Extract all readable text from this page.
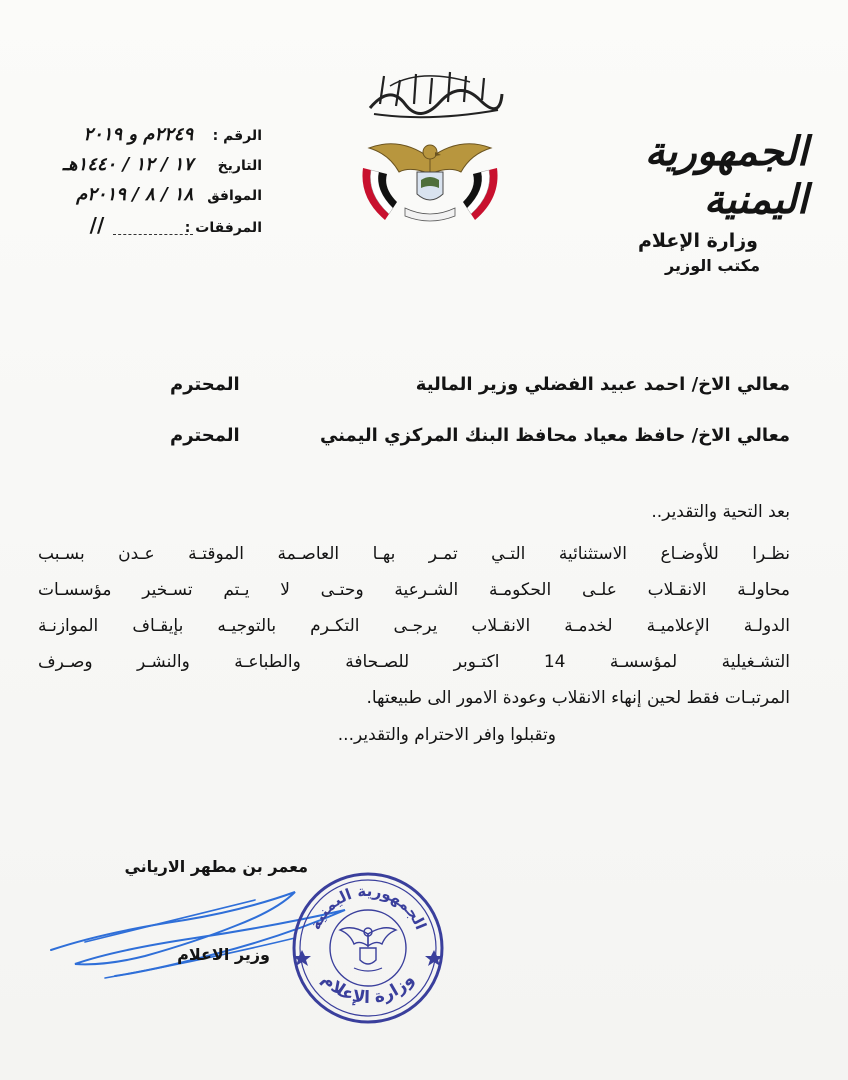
الجمهورية اليمنية
وزارة الإعلام
مكتب الوزير
الرقم : ٢٢٤٩م و ٢٠١٩
التاريخ ١٧ / ١٢ / ١٤٤٠هـ
الموافق ١٨ / ٨ / ٢٠١٩م
المرفقات :  //
معالي الاخ/ احمد عبيد الفضلي وزير المالية
المحترم
معالي الاخ/ حافظ معياد محافظ البنك المركزي اليمني
المحترم
بعد التحية والتقدير..
نظـرا للأوضـاع الاستثنائية التـي تمـر بهـا العاصـمة الموقتـة عـدن بسـبب
محاولـة الانقـلاب علـى الحكومـة الشـرعية وحتـى لا يـتم تسـخير مؤسسـات
الدولـة الإعلاميـة لخدمـة الانقـلاب يرجـى التكـرم بالتوجيـه بإيقـاف الموازنـة
التشـغيلية لمؤسسـة 14 اكتـوبر للصـحافة والطباعـة والنشـر وصـرف
المرتبـات فقط لحين إنهاء الانقلاب وعودة الامور الى طبيعتها.
وتقبلوا وافر الاحترام والتقدير...
معمر بن مطهر الارياني
وزير الاعلام
الجمهورية اليمنية
وزارة الإعلام
